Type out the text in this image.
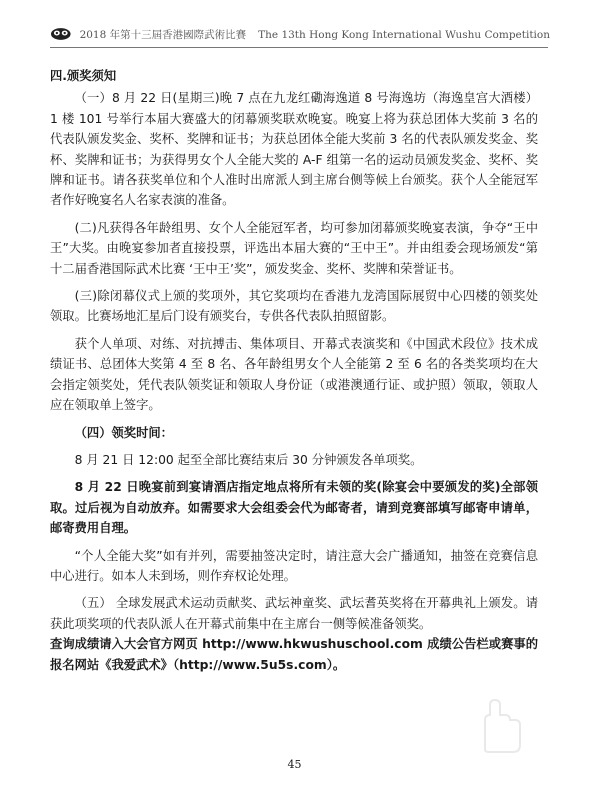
2018 年第十三屆香港國際武術比賽 The 13th Hong Kong International Wushu Competition

四.颁奖须知

（一）8 月 22 日(星期三)晚 7 点在九龙红磡海逸道 8 号海逸坊（海逸皇宫大酒楼）1 楼 101 号举行本届大赛盛大的闭幕颁奖联欢晚宴。晚宴上将为获总团体大奖前 3 名的代表队颁发奖金、奖杯、奖牌和证书；为获总团体全能大奖前 3 名的代表队颁发奖金、奖杯、奖牌和证书；为获得男女个人全能大奖的 A-F 组第一名的运动员颁发奖金、奖杯、奖牌和证书。请各获奖单位和个人准时出席派人到主席台侧等候上台颁奖。获个人全能冠军者作好晚宴名人名家表演的准备。

(二)凡获得各年龄组男、女个人全能冠军者，均可参加闭幕颁奖晚宴表演，争夺“王中王”大奖。由晚宴参加者直接投票，评选出本届大赛的“王中王”。并由组委会现场颁发“第十二届香港国际武术比赛 ‘王中王’奖”，颁发奖金、奖杯、奖牌和荣誉证书。

(三)除闭幕仪式上颁的奖项外，其它奖项均在香港九龙湾国际展贸中心四楼的领奖处领取。比赛场地汇星后门设有颁奖台，专供各代表队拍照留影。

获个人单项、对练、对抗搏击、集体项目、开幕式表演奖和《中国武术段位》技术成绩证书、总团体大奖第 4 至 8 名、各年龄组男女个人全能第 2 至 6 名的各类奖项均在大会指定领奖处，凭代表队领奖证和领取人身份证（或港澳通行证、或护照）领取，领取人应在领取单上签字。

（四）领奖时间：

8 月 21 日 12:00 起至全部比赛结束后 30 分钟颁发各单项奖。

8 月 22 日晚宴前到宴请酒店指定地点将所有未领的奖(除宴会中要颁发的奖)全部领取。过后视为自动放弃。如需要求大会组委会代为邮寄者，请到竞赛部填写邮寄申请单，邮寄费用自理。

“个人全能大奖”如有并列，需要抽签决定时，请注意大会广播通知，抽签在竞赛信息中心进行。如本人未到场，则作弃权论处理。

（五） 全球发展武术运动贡献奖、武坛神童奖、武坛耆英奖将在开幕典礼上颁发。请获此项奖项的代表队派人在开幕式前集中在主席台一侧等候准备领奖。

查询成绩请入大会官方网页 http://www.hkwushuschool.com 成绩公告栏或赛事的报名网站《我爱武术》（http://www.5u5s.com）。

45
